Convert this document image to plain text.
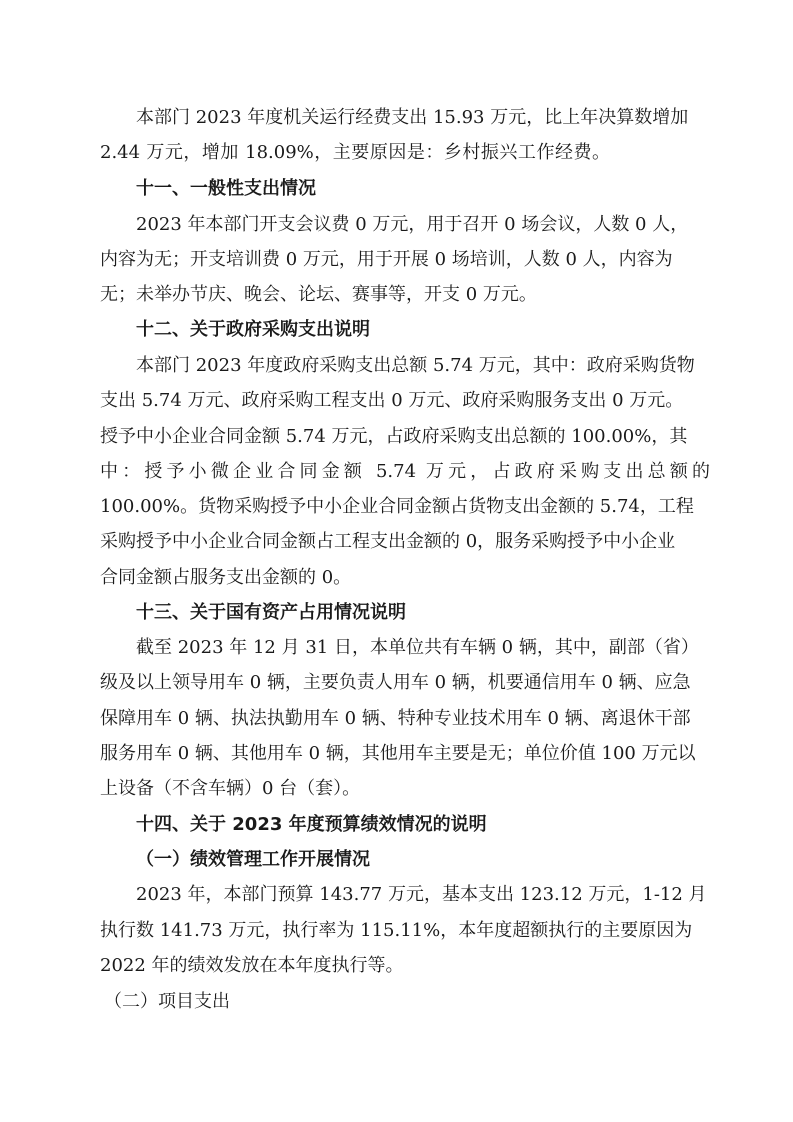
本部门 2023 年度机关运行经费支出 15.93 万元，比上年决算数增加
2.44 万元，增加 18.09%，主要原因是：乡村振兴工作经费。
十一、一般性支出情况
2023 年本部门开支会议费 0 万元，用于召开 0 场会议，人数 0 人，
内容为无；开支培训费 0 万元，用于开展 0 场培训，人数 0 人，内容为
无；未举办节庆、晚会、论坛、赛事等，开支 0 万元。
十二、关于政府采购支出说明
本部门 2023 年度政府采购支出总额 5.74 万元，其中：政府采购货物
支出 5.74 万元、政府采购工程支出 0 万元、政府采购服务支出 0 万元。
授予中小企业合同金额 5.74 万元，占政府采购支出总额的 100.00%，其
中：授予小微企业合同金额 5.74 万元，占政府采购支出总额的
100.00%。货物采购授予中小企业合同金额占货物支出金额的 5.74，工程
采购授予中小企业合同金额占工程支出金额的 0，服务采购授予中小企业
合同金额占服务支出金额的 0。
十三、关于国有资产占用情况说明
截至 2023 年 12 月 31 日，本单位共有车辆 0 辆，其中，副部（省）
级及以上领导用车 0 辆，主要负责人用车 0 辆，机要通信用车 0 辆、应急
保障用车 0 辆、执法执勤用车 0 辆、特种专业技术用车 0 辆、离退休干部
服务用车 0 辆、其他用车 0 辆，其他用车主要是无；单位价值 100 万元以
上设备（不含车辆）0 台（套）。
十四、关于 2023 年度预算绩效情况的说明
（一）绩效管理工作开展情况
2023 年，本部门预算 143.77 万元，基本支出 123.12 万元，1-12 月
执行数 141.73 万元，执行率为 115.11%，本年度超额执行的主要原因为
2022 年的绩效发放在本年度执行等。
（二）项目支出
